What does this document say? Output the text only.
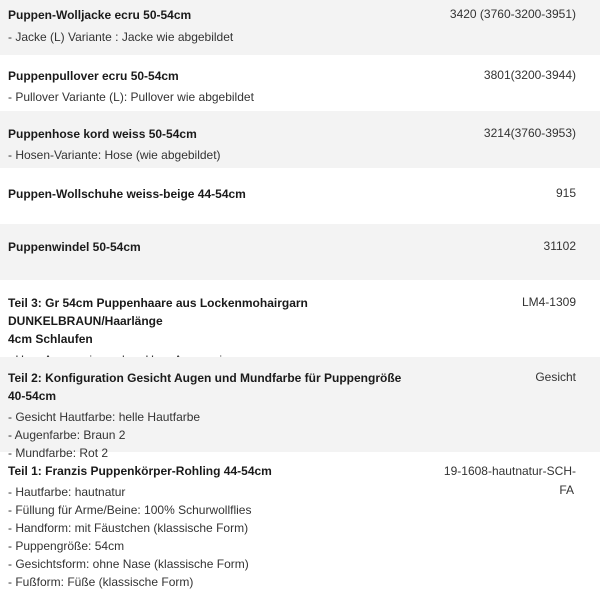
Puppen-Wolljacke ecru 50-54cm
- Jacke (L) Variante : Jacke wie abgebildet
3420 (3760-3200-3951)
Puppenpullover ecru 50-54cm
- Pullover Variante (L): Pullover wie abgebildet
3801(3200-3944)
Puppenhose kord weiss 50-54cm
- Hosen-Variante: Hose (wie abgebildet)
3214(3760-3953)
Puppen-Wollschuhe weiss-beige 44-54cm	915
Puppenwindel 50-54cm	31102
Teil 3: Gr 54cm Puppenhaare aus Lockenmohairgarn DUNKELBRAUN/Haarlänge
4cm Schlaufen
LM4-1309
Teil 2: Konfiguration Gesicht Augen und Mundfarbe für Puppengröße 40-54cm
- Gesicht Hautfarbe: helle Hautfarbe
- Augenfarbe: Braun 2
- Mundfarbe: Rot 2
Gesicht
Teil 1: Franzis Puppenkörper-Rohling 44-54cm
- Hautfarbe: hautnatur
- Füllung für Arme/Beine: 100% Schurwollflies
- Handform: mit Fäustchen (klassische Form)
- Puppengröße: 54cm
- Gesichtsform: ohne Nase (klassische Form)
- Fußform: Füße (klassische Form)
19-1608-hautnatur-SCH-
FA
